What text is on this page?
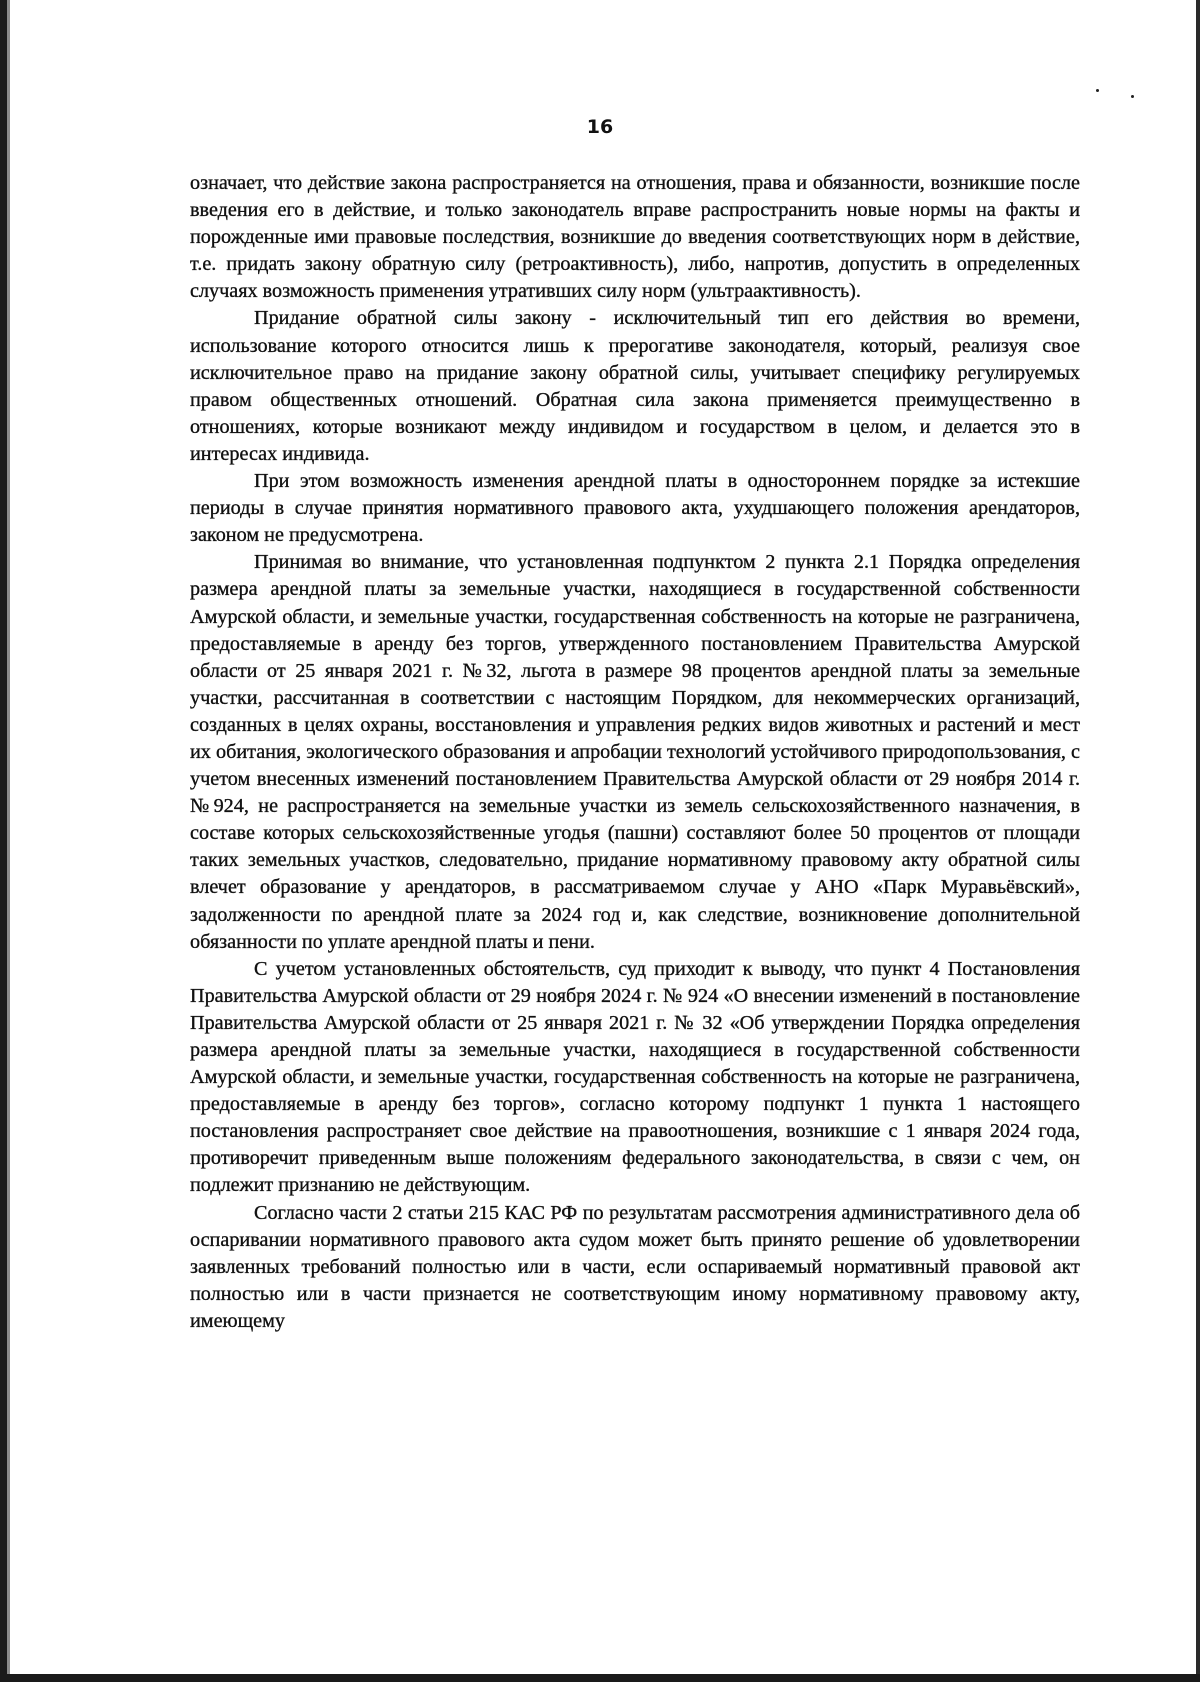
16

означает, что действие закона распространяется на отношения, права и обязанности, возникшие после введения его в действие, и только законодатель вправе распространить новые нормы на факты и порожденные ими правовые последствия, возникшие до введения соответствующих норм в действие, т.е. придать закону обратную силу (ретроактивность), либо, напротив, допустить в определенных случаях возможность применения утративших силу норм (ультраактивность).

Придание обратной силы закону - исключительный тип его действия во времени, использование которого относится лишь к прерогативе законодателя, который, реализуя свое исключительное право на придание закону обратной силы, учитывает специфику регулируемых правом общественных отношений. Обратная сила закона применяется преимущественно в отношениях, которые возникают между индивидом и государством в целом, и делается это в интересах индивида.

При этом возможность изменения арендной платы в одностороннем порядке за истекшие периоды в случае принятия нормативного правового акта, ухудшающего положения арендаторов, законом не предусмотрена.

Принимая во внимание, что установленная подпунктом 2 пункта 2.1 Порядка определения размера арендной платы за земельные участки, находящиеся в государственной собственности Амурской области, и земельные участки, государственная собственность на которые не разграничена, предоставляемые в аренду без торгов, утвержденного постановлением Правительства Амурской области от 25 января 2021 г. №32, льгота в размере 98 процентов арендной платы за земельные участки, рассчитанная в соответствии с настоящим Порядком, для некоммерческих организаций, созданных в целях охраны, восстановления и управления редких видов животных и растений и мест их обитания, экологического образования и апробации технологий устойчивого природопользования, с учетом внесенных изменений постановлением Правительства Амурской области от 29 ноября 2014 г. №924, не распространяется на земельные участки из земель сельскохозяйственного назначения, в составе которых сельскохозяйственные угодья (пашни) составляют более 50 процентов от площади таких земельных участков, следовательно, придание нормативному правовому акту обратной силы влечет образование у арендаторов, в рассматриваемом случае у АНО «Парк Муравьёвский», задолженности по арендной плате за 2024 год и, как следствие, возникновение дополнительной обязанности по уплате арендной платы и пени.

С учетом установленных обстоятельств, суд приходит к выводу, что пункт 4 Постановления Правительства Амурской области от 29 ноября 2024 г. № 924 «О внесении изменений в постановление Правительства Амурской области от 25 января 2021 г. № 32 «Об утверждении Порядка определения размера арендной платы за земельные участки, находящиеся в государственной собственности Амурской области, и земельные участки, государственная собственность на которые не разграничена, предоставляемые в аренду без торгов», согласно которому подпункт 1 пункта 1 настоящего постановления распространяет свое действие на правоотношения, возникшие с 1 января 2024 года, противоречит приведенным выше положениям федерального законодательства, в связи с чем, он подлежит признанию не действующим.

Согласно части 2 статьи 215 КАС РФ по результатам рассмотрения административного дела об оспаривании нормативного правового акта судом может быть принято решение об удовлетворении заявленных требований полностью или в части, если оспариваемый нормативный правовой акт полностью или в части признается не соответствующим иному нормативному правовому акту, имеющему
